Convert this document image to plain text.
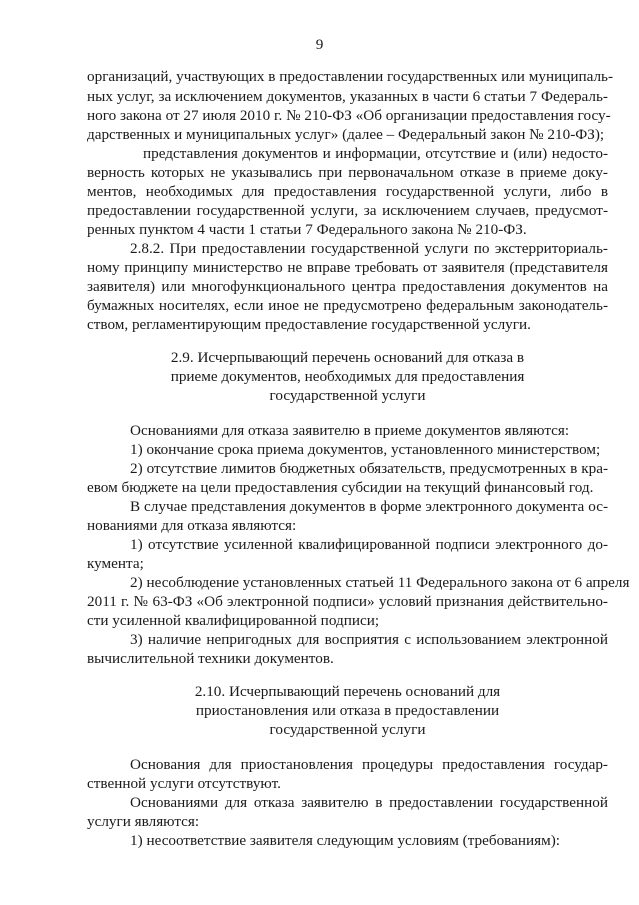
9
организаций, участвующих в предоставлении государственных или муниципаль-
ных услуг, за исключением документов, указанных в части 6 статьи 7 Федераль-
ного закона от 27 июля 2010 г. № 210-ФЗ «Об организации предоставления госу-
дарственных и муниципальных услуг» (далее – Федеральный закон № 210-ФЗ);
представления документов и информации, отсутствие и (или) недосто-
верность которых не указывались при первоначальном отказе в приеме доку-
ментов, необходимых для предоставления государственной услуги, либо в
предоставлении государственной услуги, за исключением случаев, предусмот-
ренных пунктом 4 части 1 статьи 7 Федерального закона № 210-ФЗ.
2.8.2. При предоставлении государственной услуги по экстерриториаль-
ному принципу министерство не вправе требовать от заявителя (представителя
заявителя) или многофункционального центра предоставления документов на
бумажных носителях, если иное не предусмотрено федеральным законодатель-
ством, регламентирующим предоставление государственной услуги.
2.9. Исчерпывающий перечень оснований для отказа в
приеме документов, необходимых для предоставления
государственной услуги
Основаниями для отказа заявителю в приеме документов являются:
1) окончание срока приема документов, установленного министерством;
2) отсутствие лимитов бюджетных обязательств, предусмотренных в кра-
евом бюджете на цели предоставления субсидии на текущий финансовый год.
В случае представления документов в форме электронного документа ос-
нованиями для отказа являются:
1) отсутствие усиленной квалифицированной подписи электронного до-
кумента;
2) несоблюдение установленных статьей 11 Федерального закона от 6 апреля
2011 г. № 63-ФЗ «Об электронной подписи» условий признания действительно-
сти усиленной квалифицированной подписи;
3) наличие непригодных для восприятия с использованием электронной
вычислительной техники документов.
2.10. Исчерпывающий перечень оснований для
приостановления или отказа в предоставлении
государственной услуги
Основания для приостановления процедуры предоставления государ-
ственной услуги отсутствуют.
Основаниями для отказа заявителю в предоставлении государственной
услуги являются:
1) несоответствие заявителя следующим условиям (требованиям):
